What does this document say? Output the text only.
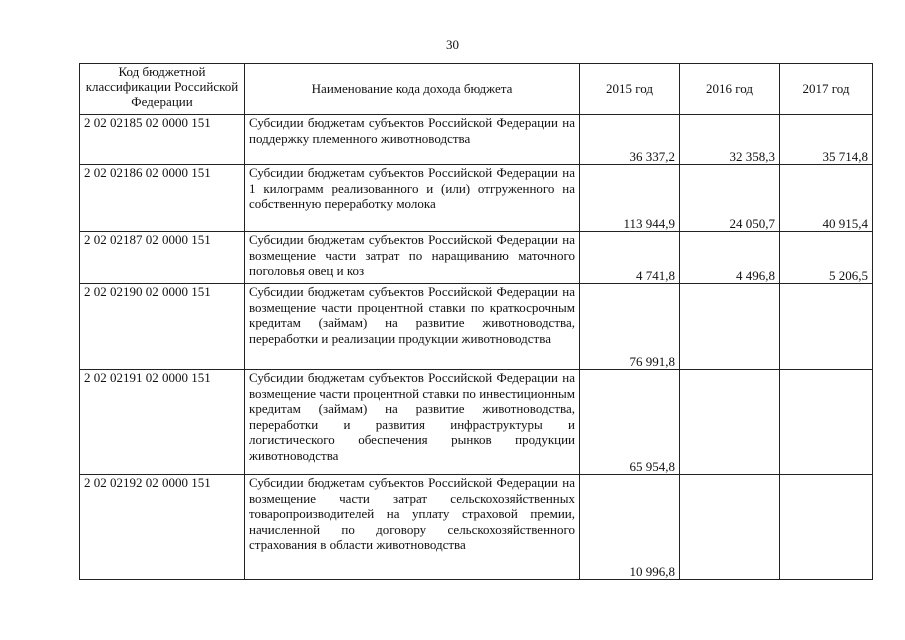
30
Код бюджетной классификации Российской Федерации	Наименование кода дохода бюджета	2015 год	2016 год	2017 год
2 02 02185 02 0000 151	Субсидии бюджетам субъектов Российской Федерации на поддержку племенного животноводства	36 337,2	32 358,3	35 714,8
2 02 02186 02 0000 151	Субсидии бюджетам субъектов Российской Федерации на 1 килограмм реализованного и (или) отгруженного на собственную переработку молока	113 944,9	24 050,7	40 915,4
2 02 02187 02 0000 151	Субсидии бюджетам субъектов Российской Федерации на возмещение части затрат по наращиванию маточного поголовья овец и коз	4 741,8	4 496,8	5 206,5
2 02 02190 02 0000 151	Субсидии бюджетам субъектов Российской Федерации на возмещение части процентной ставки по краткосрочным кредитам (займам) на развитие животноводства, переработки и реализации продукции животноводства	76 991,8		
2 02 02191 02 0000 151	Субсидии бюджетам субъектов Российской Федерации на возмещение части процентной ставки по инвестиционным кредитам (займам) на развитие животноводства, переработки и развития инфраструктуры и логистического обеспечения рынков продукции животноводства	65 954,8		
2 02 02192 02 0000 151	Субсидии бюджетам субъектов Российской Федерации на возмещение части затрат сельскохозяйственных товаропроизводителей на уплату страховой премии, начисленной по договору сельскохозяйственного страхования в области животноводства	10 996,8		
